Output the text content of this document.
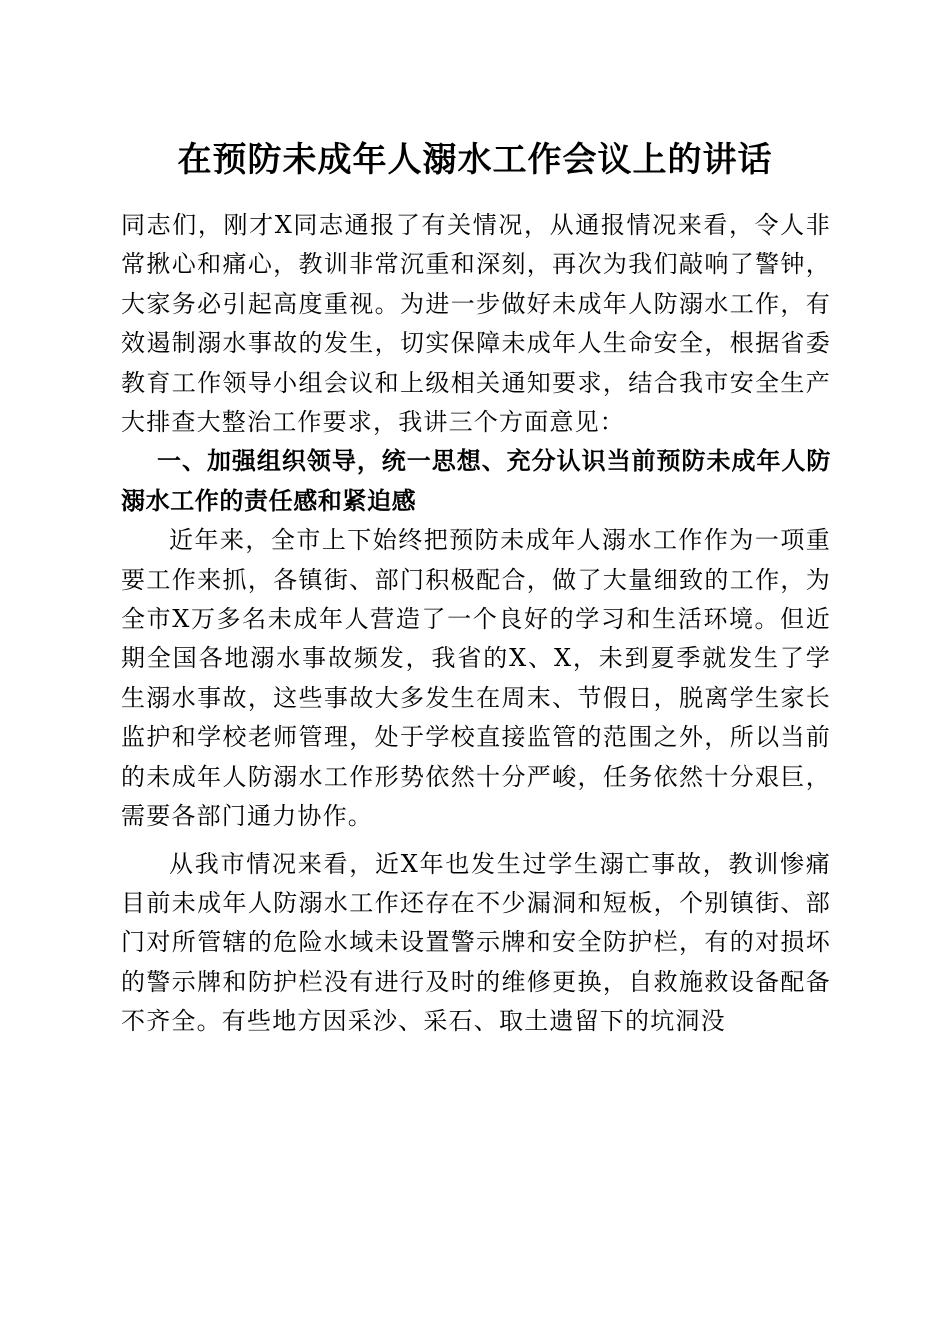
在预防未成年人溺水工作会议上的讲话

同志们，刚才X同志通报了有关情况，从通报情况来看，令人非常揪心和痛心，教训非常沉重和深刻，再次为我们敲响了警钟，大家务必引起高度重视。为进一步做好未成年人防溺水工作，有效遏制溺水事故的发生，切实保障未成年人生命安全，根据省委教育工作领导小组会议和上级相关通知要求，结合我市安全生产大排查大整治工作要求，我讲三个方面意见：

一、加强组织领导，统一思想、充分认识当前预防未成年人防溺水工作的责任感和紧迫感

近年来，全市上下始终把预防未成年人溺水工作作为一项重要工作来抓，各镇街、部门积极配合，做了大量细致的工作，为全市X万多名未成年人营造了一个良好的学习和生活环境。但近期全国各地溺水事故频发，我省的X、X，未到夏季就发生了学生溺水事故，这些事故大多发生在周末、节假日，脱离学生家长监护和学校老师管理，处于学校直接监管的范围之外，所以当前的未成年人防溺水工作形势依然十分严峻，任务依然十分艰巨，需要各部门通力协作。

从我市情况来看，近X年也发生过学生溺亡事故，教训惨痛目前未成年人防溺水工作还存在不少漏洞和短板，个别镇街、部门对所管辖的危险水域未设置警示牌和安全防护栏，有的对损坏的警示牌和防护栏没有进行及时的维修更换，自救施救设备配备不齐全。有些地方因采沙、采石、取土遗留下的坑洞没
